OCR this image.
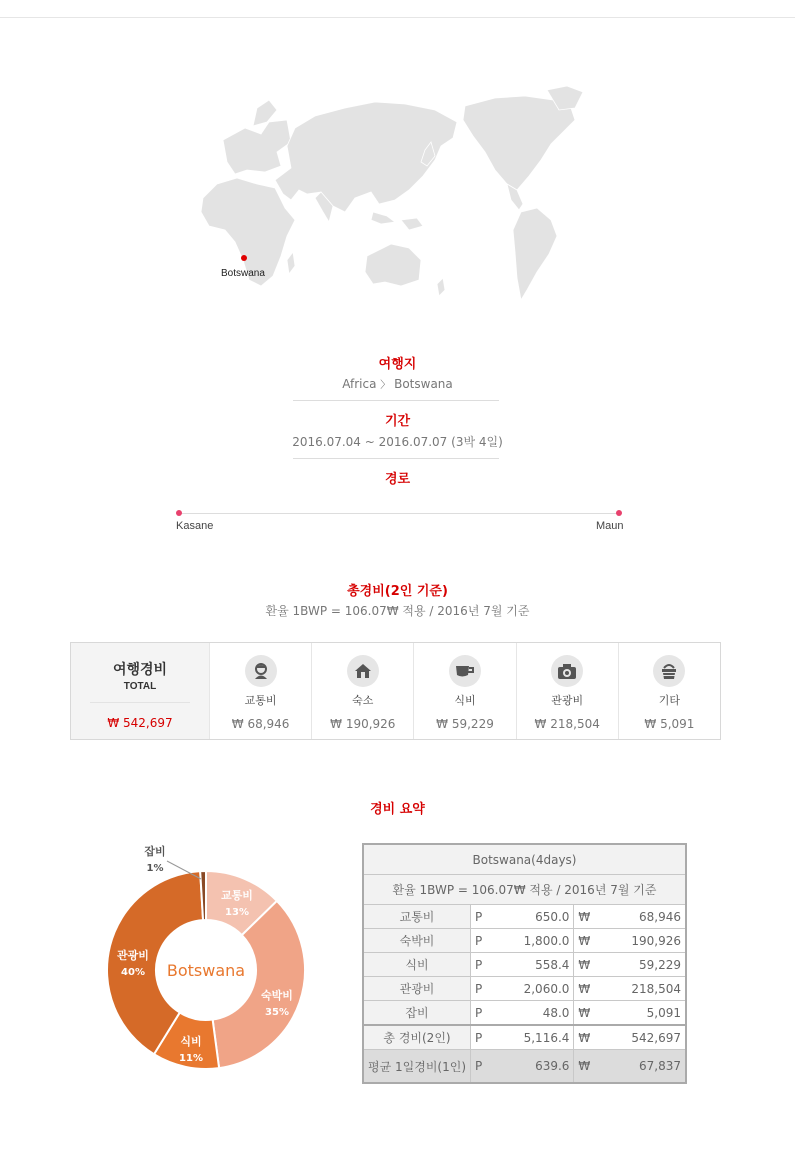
Botswana
여행지
Africa 〉 Botswana
기간
2016.07.04 ~ 2016.07.07 (3박 4일)
경로
Kasane	Maun
총경비(2인 기준)
환율 1BWP = 106.07₩ 적용 / 2016년 7월 기준
여행경비
TOTAL
₩ 542,697
교통비
₩ 68,946
숙소
₩ 190,926
식비
₩ 59,229
관광비
₩ 218,504
기타
₩ 5,091
경비 요약
교통비
13%
숙박비
35%
식비
11%
관광비
40%
잡비
1%
Botswana
Botswana(4days)				
환율 1BWP = 106.07₩ 적용 / 2016년 7월 기준				
교통비	P	650.0	₩	68,946
숙박비	P	1,800.0	₩	190,926
식비	P	558.4	₩	59,229
관광비	P	2,060.0	₩	218,504
잡비	P	48.0	₩	5,091
총 경비(2인)	P	5,116.4	₩	542,697
평균 1일경비(1인)	P	639.6	₩	67,837
